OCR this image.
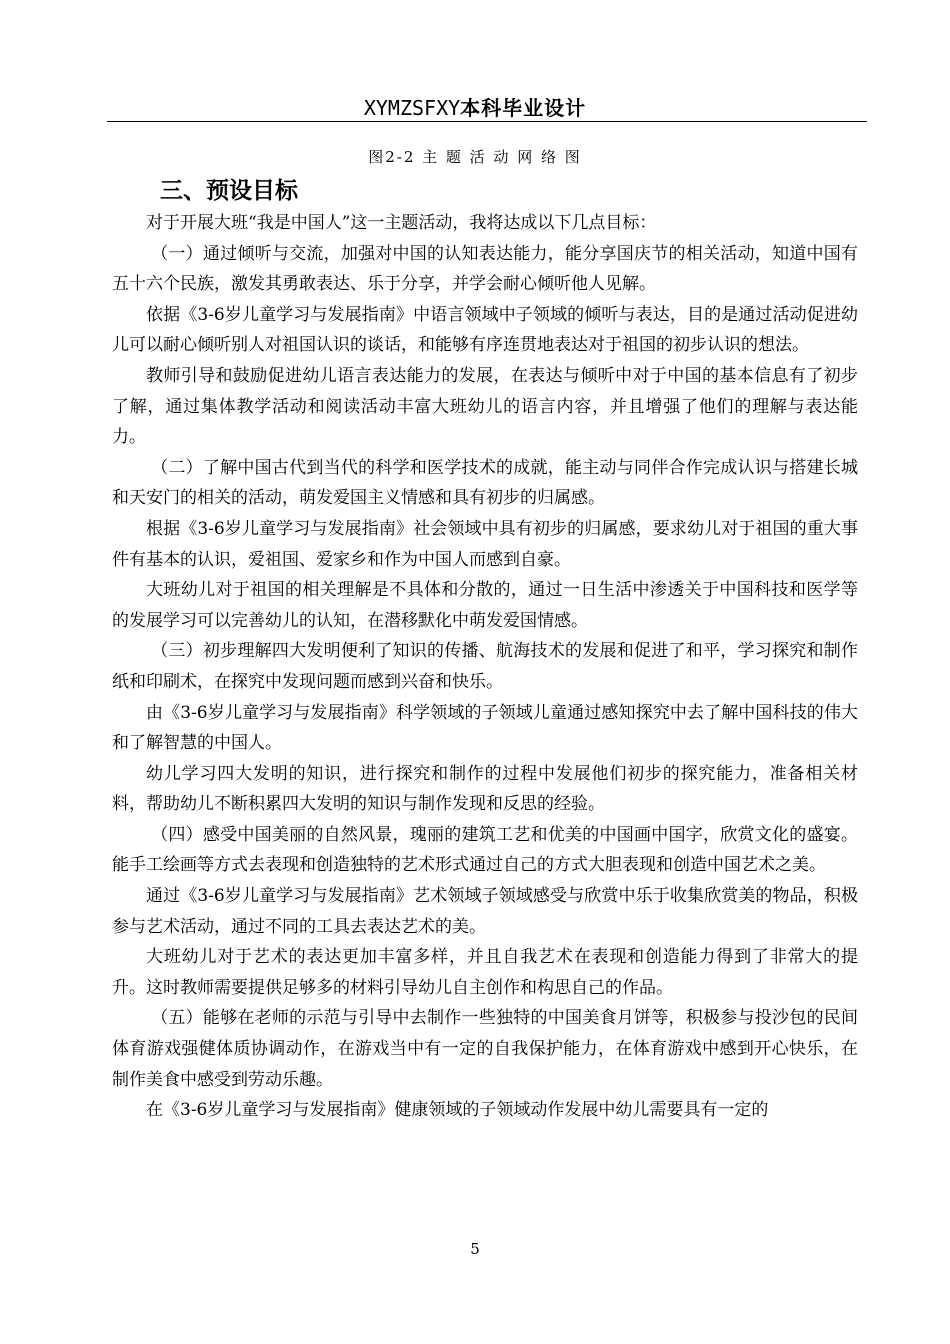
XYMZSFXY本科毕业设计
图2-2 主 题 活 动 网 络 图
三、预设目标

对于开展大班“我是中国人”这一主题活动，我将达成以下几点目标：

（一）通过倾听与交流，加强对中国的认知表达能力，能分享国庆节的相关活动，知道中国有五十六个民族，激发其勇敢表达、乐于分享，并学会耐心倾听他人见解。

依据《3-6岁儿童学习与发展指南》中语言领域中子领域的倾听与表达，目的是通过活动促进幼儿可以耐心倾听别人对祖国认识的谈话，和能够有序连贯地表达对于祖国的初步认识的想法。

教师引导和鼓励促进幼儿语言表达能力的发展，在表达与倾听中对于中国的基本信息有了初步了解，通过集体教学活动和阅读活动丰富大班幼儿的语言内容，并且增强了他们的理解与表达能力。

（二）了解中国古代到当代的科学和医学技术的成就，能主动与同伴合作完成认识与搭建长城和天安门的相关的活动，萌发爱国主义情感和具有初步的归属感。

根据《3-6岁儿童学习与发展指南》社会领域中具有初步的归属感，要求幼儿对于祖国的重大事件有基本的认识，爱祖国、爱家乡和作为中国人而感到自豪。

大班幼儿对于祖国的相关理解是不具体和分散的，通过一日生活中渗透关于中国科技和医学等的发展学习可以完善幼儿的认知，在潜移默化中萌发爱国情感。

（三）初步理解四大发明便利了知识的传播、航海技术的发展和促进了和平，学习探究和制作纸和印刷术，在探究中发现问题而感到兴奋和快乐。

由《3-6岁儿童学习与发展指南》科学领域的子领域儿童通过感知探究中去了解中国科技的伟大和了解智慧的中国人。

幼儿学习四大发明的知识，进行探究和制作的过程中发展他们初步的探究能力，准备相关材料，帮助幼儿不断积累四大发明的知识与制作发现和反思的经验。

（四）感受中国美丽的自然风景，瑰丽的建筑工艺和优美的中国画中国字，欣赏文化的盛宴。能手工绘画等方式去表现和创造独特的艺术形式通过自己的方式大胆表现和创造中国艺术之美。

通过《3-6岁儿童学习与发展指南》艺术领域子领域感受与欣赏中乐于收集欣赏美的物品，积极参与艺术活动，通过不同的工具去表达艺术的美。

大班幼儿对于艺术的表达更加丰富多样，并且自我艺术在表现和创造能力得到了非常大的提升。这时教师需要提供足够多的材料引导幼儿自主创作和构思自己的作品。

（五）能够在老师的示范与引导中去制作一些独特的中国美食月饼等，积极参与投沙包的民间体育游戏强健体质协调动作，在游戏当中有一定的自我保护能力，在体育游戏中感到开心快乐，在制作美食中感受到劳动乐趣。

在《3-6岁儿童学习与发展指南》健康领域的子领域动作发展中幼儿需要具有一定的

5
